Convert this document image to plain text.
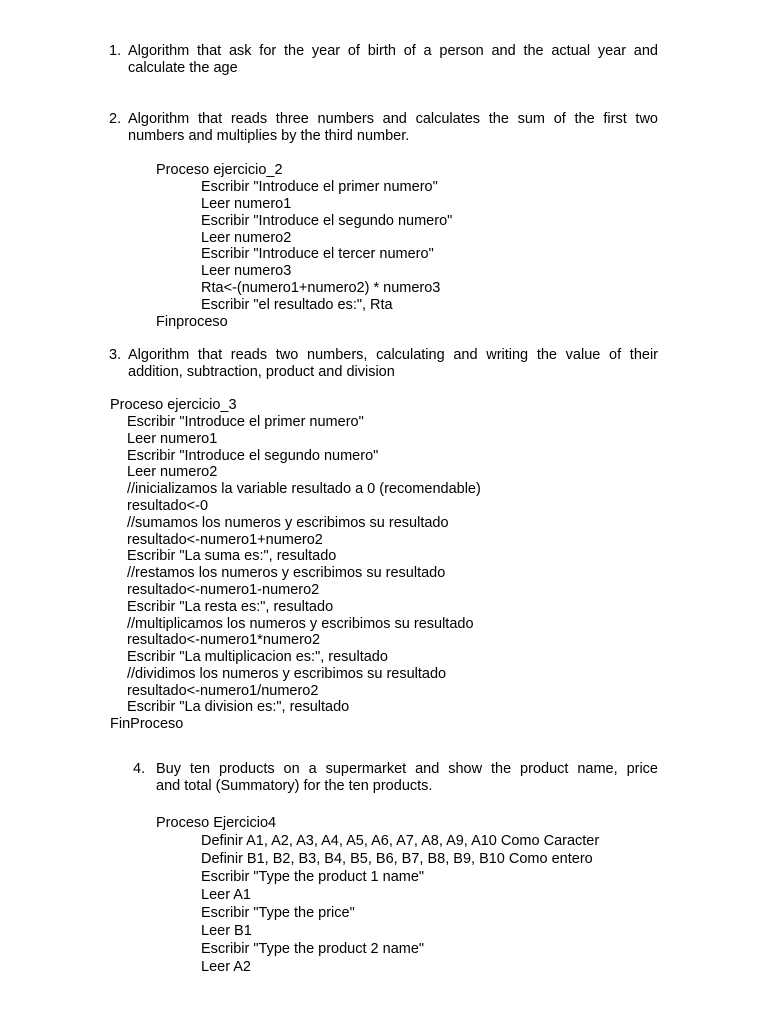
1. Algorithm that ask for the year of birth of a person and the actual year and
calculate the age
2. Algorithm that reads three numbers and calculates the sum of the first two
numbers and multiplies by the third number.
Proceso ejercicio_2
Escribir "Introduce el primer numero"
Leer numero1
Escribir "Introduce el segundo numero"
Leer numero2
Escribir "Introduce el tercer numero"
Leer numero3
Rta<-(numero1+numero2) * numero3
Escribir "el resultado es:", Rta
Finproceso
3. Algorithm that reads two numbers, calculating and writing the value of their
addition, subtraction, product and division
Proceso ejercicio_3
Escribir "Introduce el primer numero"
Leer numero1
Escribir "Introduce el segundo numero"
Leer numero2
//inicializamos la variable resultado a 0 (recomendable)
resultado<-0
//sumamos los numeros y escribimos su resultado
resultado<-numero1+numero2
Escribir "La suma es:", resultado
//restamos los numeros y escribimos su resultado
resultado<-numero1-numero2
Escribir "La resta es:", resultado
//multiplicamos los numeros y escribimos su resultado
resultado<-numero1*numero2
Escribir "La multiplicacion es:", resultado
//dividimos los numeros y escribimos su resultado
resultado<-numero1/numero2
Escribir "La division es:", resultado
FinProceso
4. Buy ten products on a supermarket and show the product name, price
and total (Summatory) for the ten products.
Proceso Ejercicio4
Definir A1, A2, A3, A4, A5, A6, A7, A8, A9, A10 Como Caracter
Definir B1, B2, B3, B4, B5, B6, B7, B8, B9, B10 Como entero
Escribir "Type the product 1 name"
Leer A1
Escribir "Type the price"
Leer B1
Escribir "Type the product 2 name"
Leer A2
